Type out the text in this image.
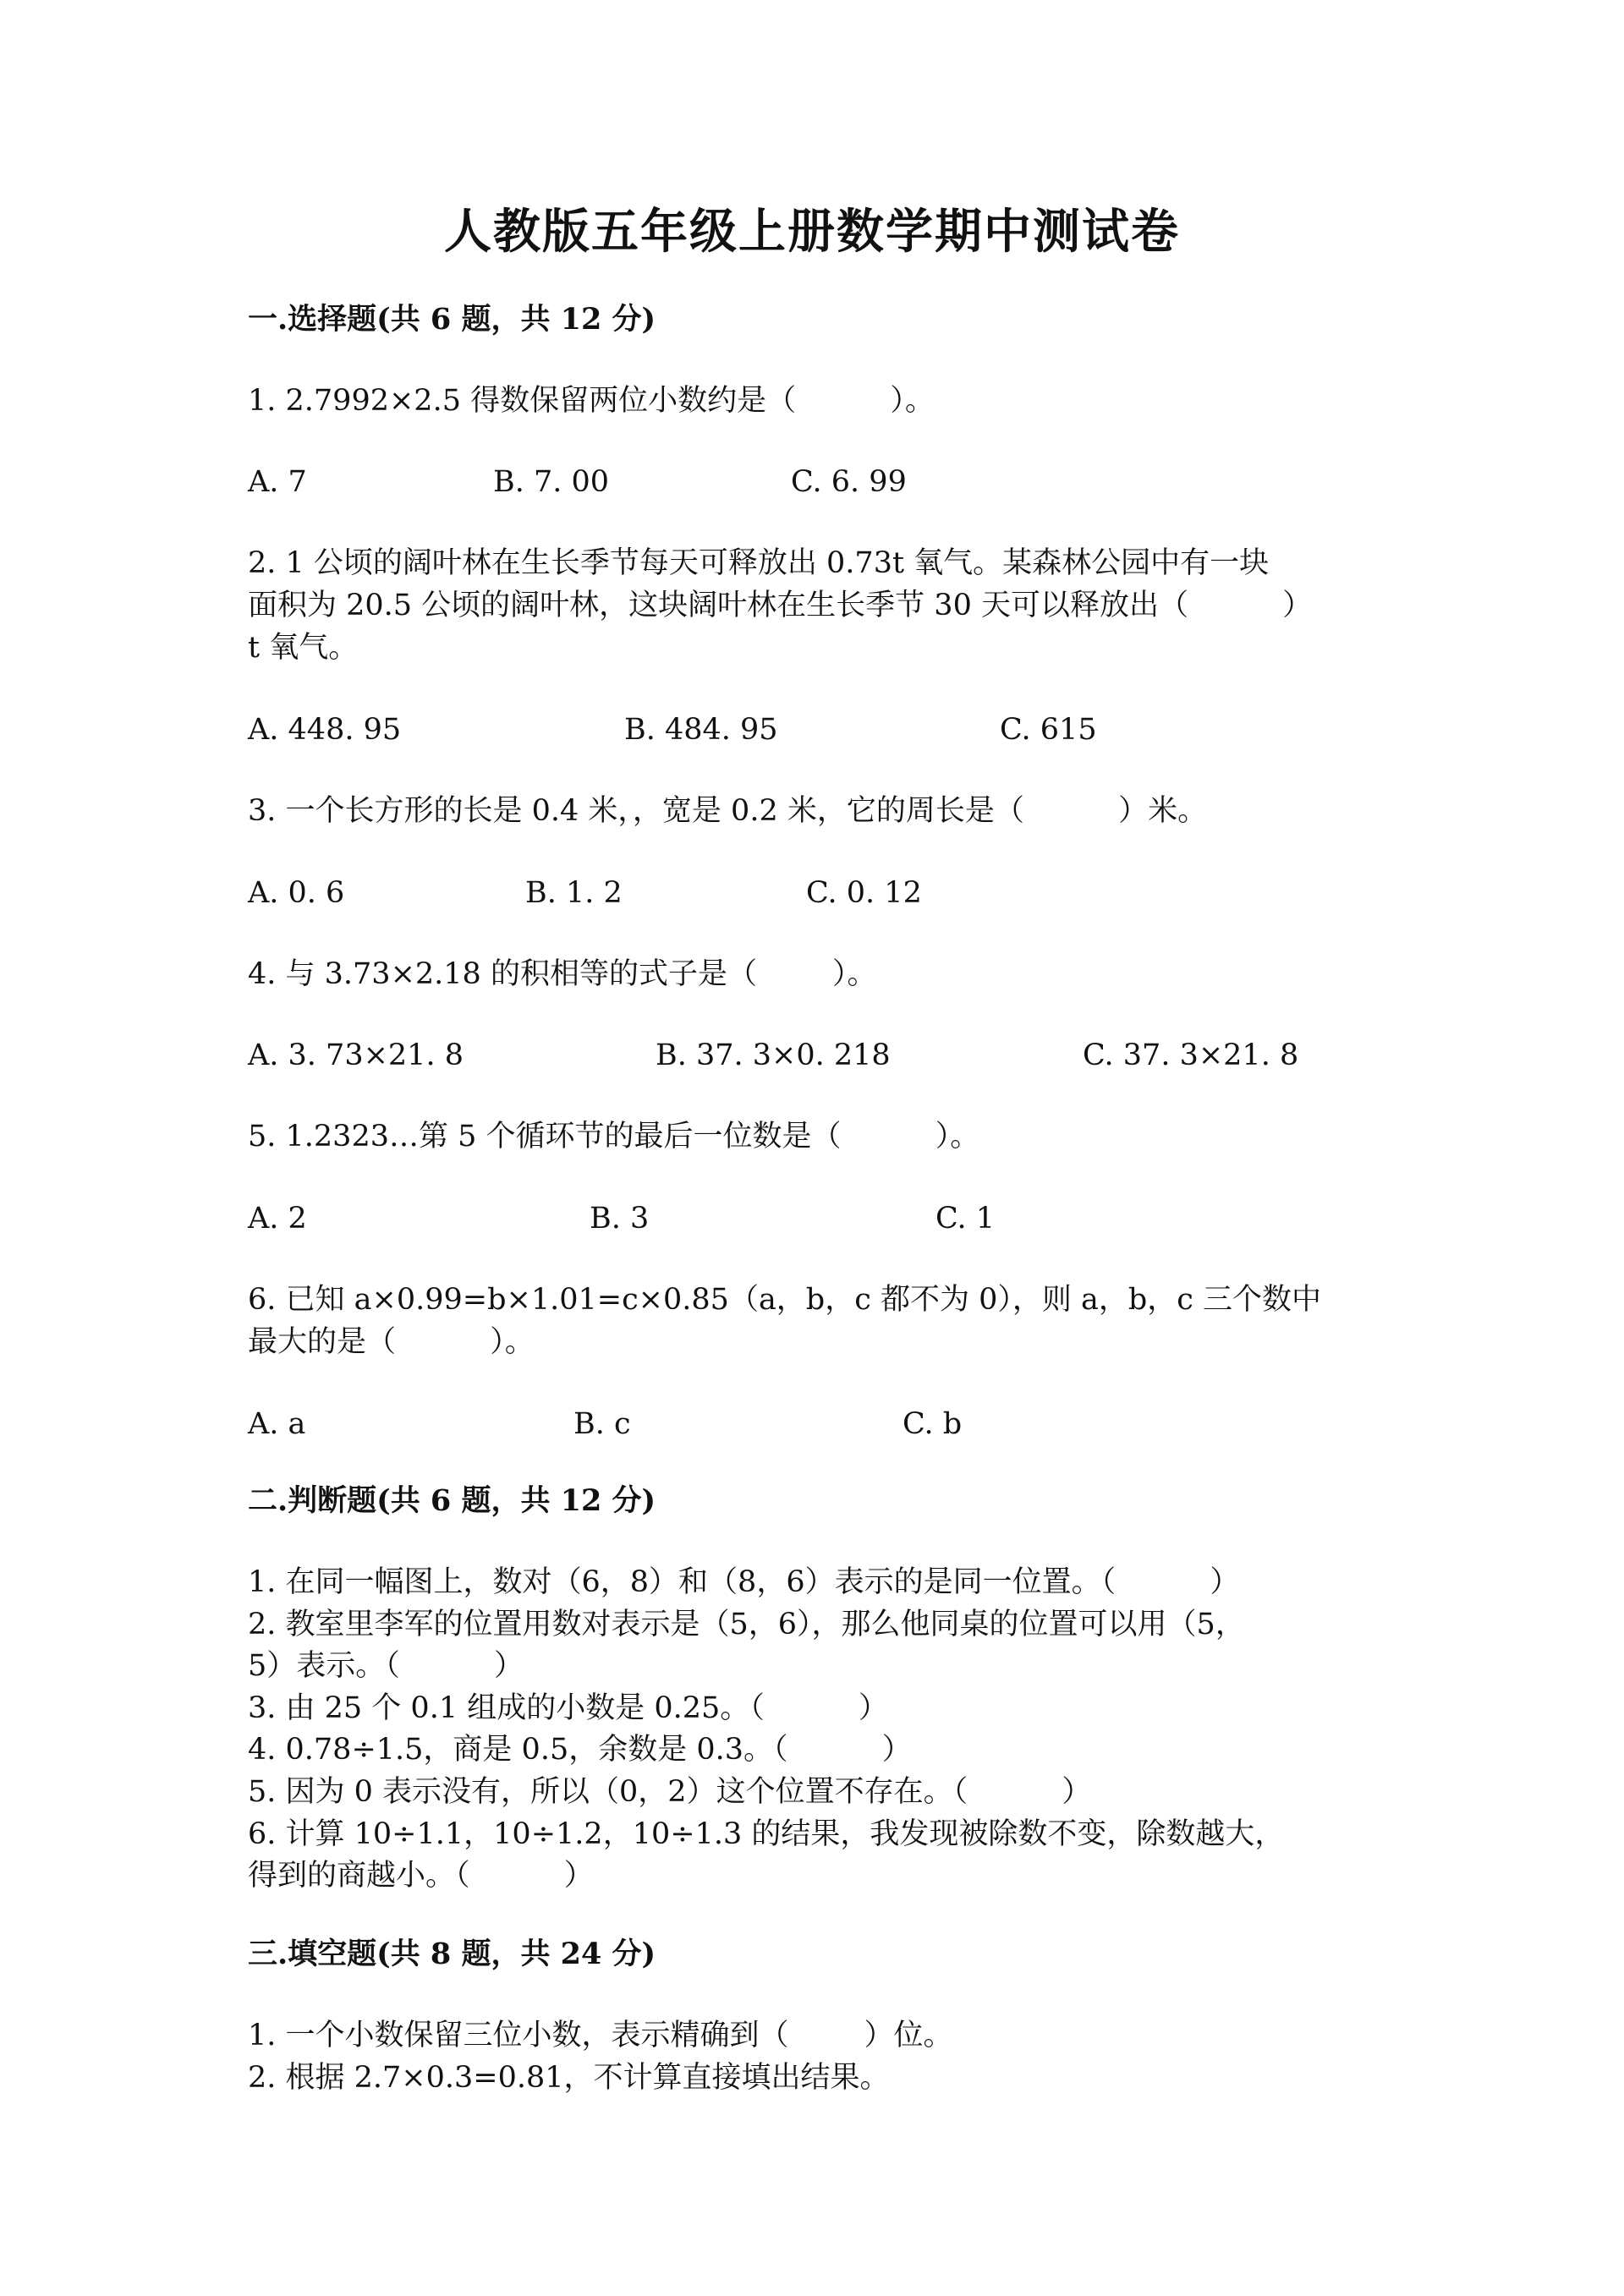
人教版五年级上册数学期中测试卷
一.选择题(共 6 题，共 12 分)
1. 2.7992×2.5 得数保留两位小数约是（          ）。
A. 7	B. 7. 00	C. 6. 99
2. 1 公顷的阔叶林在生长季节每天可释放出 0.73t 氧气。某森林公园中有一块
面积为 20.5 公顷的阔叶林，这块阔叶林在生长季节 30 天可以释放出（          ）
t 氧气。
A. 448. 95	B. 484. 95	C. 615
3. 一个长方形的长是 0.4 米，，宽是 0.2 米，它的周长是（          ）米。
A. 0. 6	B. 1. 2	C. 0. 12
4. 与 3.73×2.18 的积相等的式子是（        ）。
A. 3. 73×21. 8	B. 37. 3×0. 218	C. 37. 3×21. 8
5. 1.2323…第 5 个循环节的最后一位数是（          ）。
A. 2	B. 3	C. 1
6. 已知 a×0.99=b×1.01=c×0.85（a，b，c 都不为 0），则 a，b，c 三个数中
最大的是（          ）。
A. a	B. c	C. b
二.判断题(共 6 题，共 12 分)
1. 在同一幅图上，数对（6，8）和（8，6）表示的是同一位置。（          ）
2. 教室里李军的位置用数对表示是（5，6），那么他同桌的位置可以用（5，
5）表示。（          ）
3. 由 25 个 0.1 组成的小数是 0.25。（          ）
4. 0.78÷1.5，商是 0.5，余数是 0.3。（          ）
5. 因为 0 表示没有，所以（0，2）这个位置不存在。（          ）
6. 计算 10÷1.1，10÷1.2，10÷1.3 的结果，我发现被除数不变，除数越大，
得到的商越小。（          ）
三.填空题(共 8 题，共 24 分)
1. 一个小数保留三位小数，表示精确到（        ）位。
2. 根据 2.7×0.3=0.81，不计算直接填出结果。
